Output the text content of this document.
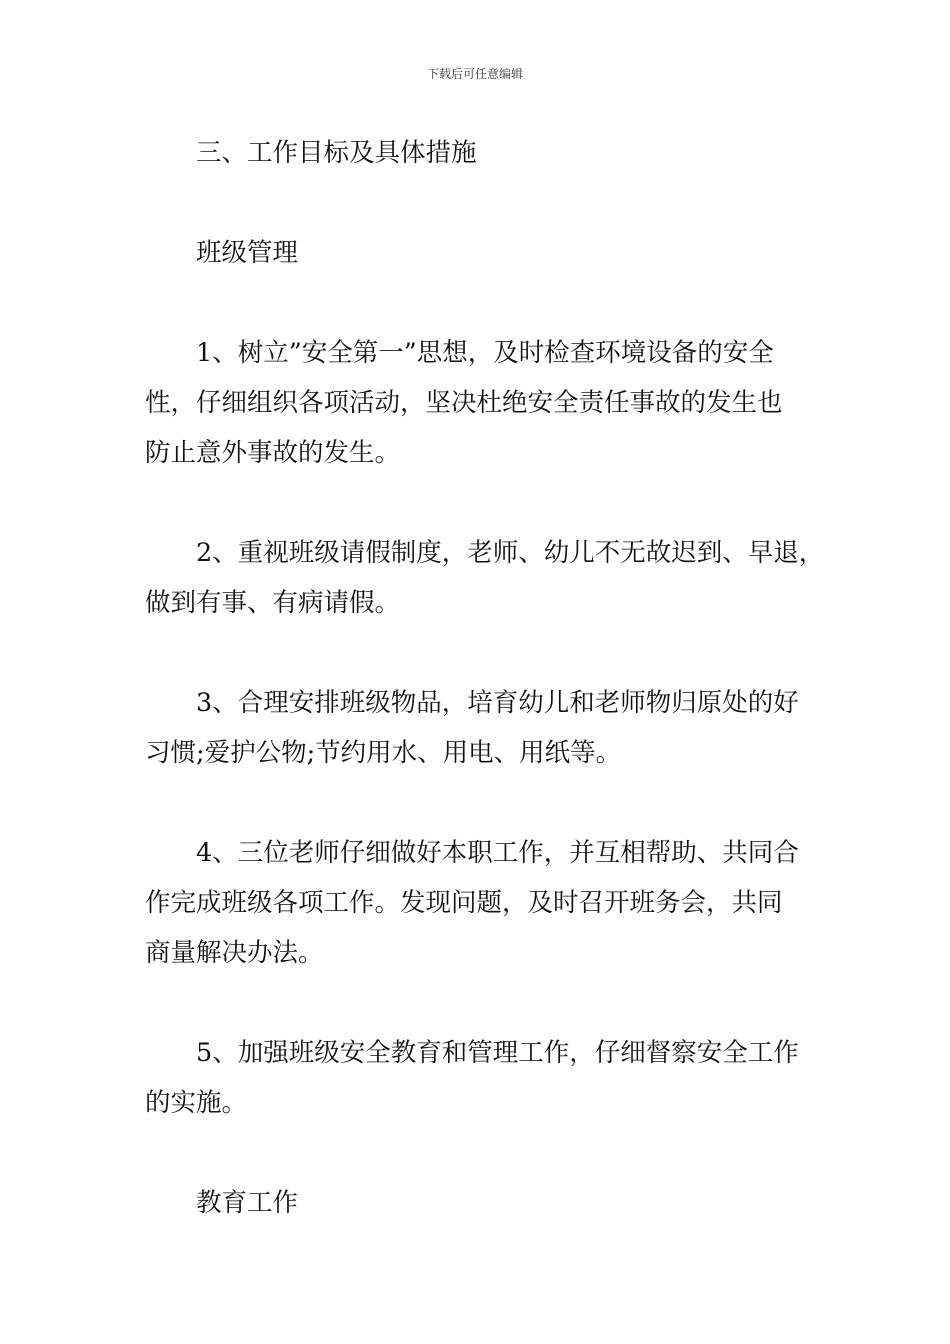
下载后可任意编辑
三、工作目标及具体措施
班级管理
1、树立”安全第一”思想，及时检查环境设备的安全
性，仔细组织各项活动，坚决杜绝安全责任事故的发生也
防止意外事故的发生。
2、重视班级请假制度，老师、幼儿不无故迟到、早退，
做到有事、有病请假。
3、合理安排班级物品，培育幼儿和老师物归原处的好
习惯;爱护公物;节约用水、用电、用纸等。
4、三位老师仔细做好本职工作，并互相帮助、共同合
作完成班级各项工作。发现问题，及时召开班务会，共同
商量解决办法。
5、加强班级安全教育和管理工作，仔细督察安全工作
的实施。
教育工作
